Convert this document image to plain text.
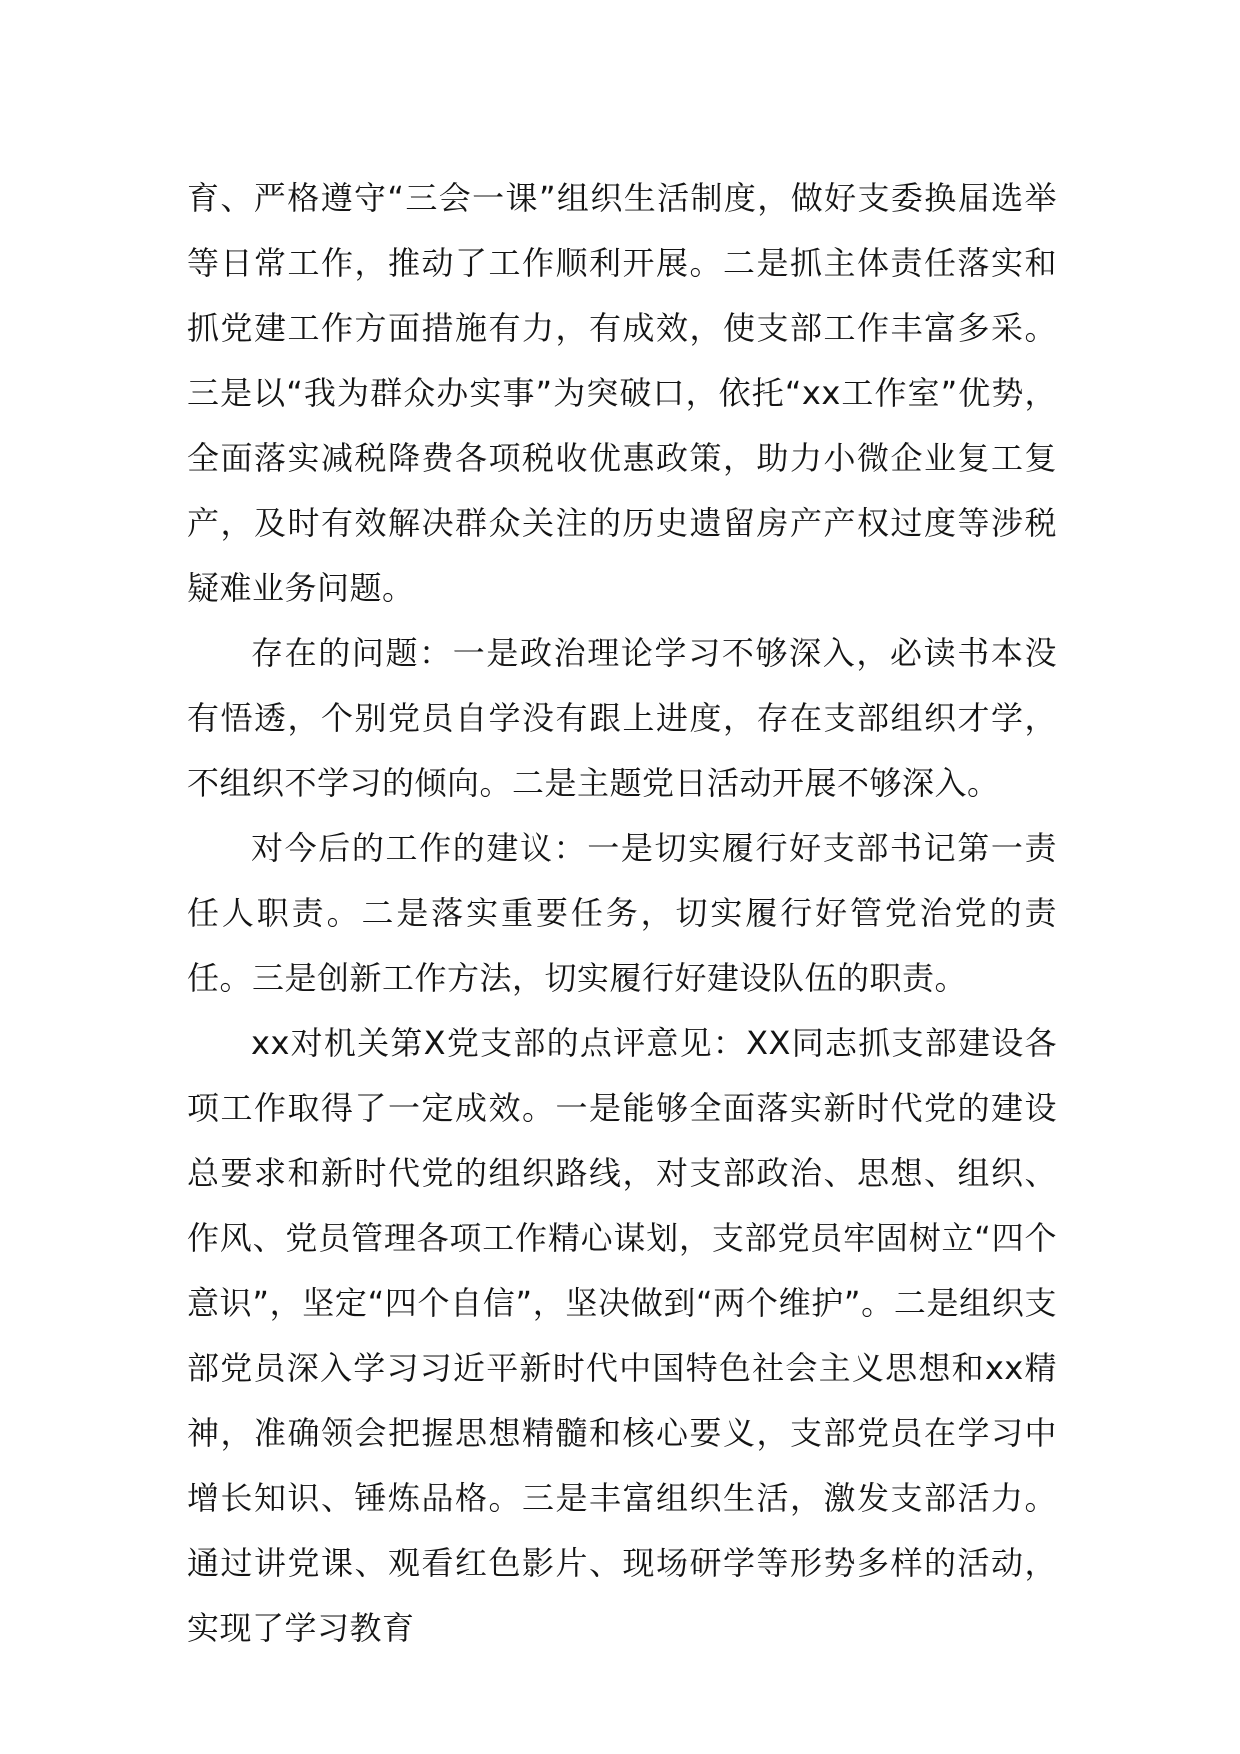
育、严格遵守“三会一课”组织生活制度，做好支委换届选举等日常工作，推动了工作顺利开展。二是抓主体责任落实和抓党建工作方面措施有力，有成效，使支部工作丰富多采。三是以“我为群众办实事”为突破口，依托“xx工作室”优势，全面落实减税降费各项税收优惠政策，助力小微企业复工复产，及时有效解决群众关注的历史遗留房产产权过度等涉税疑难业务问题。

存在的问题：一是政治理论学习不够深入，必读书本没有悟透，个别党员自学没有跟上进度，存在支部组织才学，不组织不学习的倾向。二是主题党日活动开展不够深入。

对今后的工作的建议：一是切实履行好支部书记第一责任人职责。二是落实重要任务，切实履行好管党治党的责任。三是创新工作方法，切实履行好建设队伍的职责。

xx对机关第X党支部的点评意见：XX同志抓支部建设各项工作取得了一定成效。一是能够全面落实新时代党的建设总要求和新时代党的组织路线，对支部政治、思想、组织、作风、党员管理各项工作精心谋划，支部党员牢固树立“四个意识”，坚定“四个自信”，坚决做到“两个维护”。二是组织支部党员深入学习习近平新时代中国特色社会主义思想和xx精神，准确领会把握思想精髓和核心要义，支部党员在学习中增长知识、锤炼品格。三是丰富组织生活，激发支部活力。通过讲党课、观看红色影片、现场研学等形势多样的活动，实现了学习教育
